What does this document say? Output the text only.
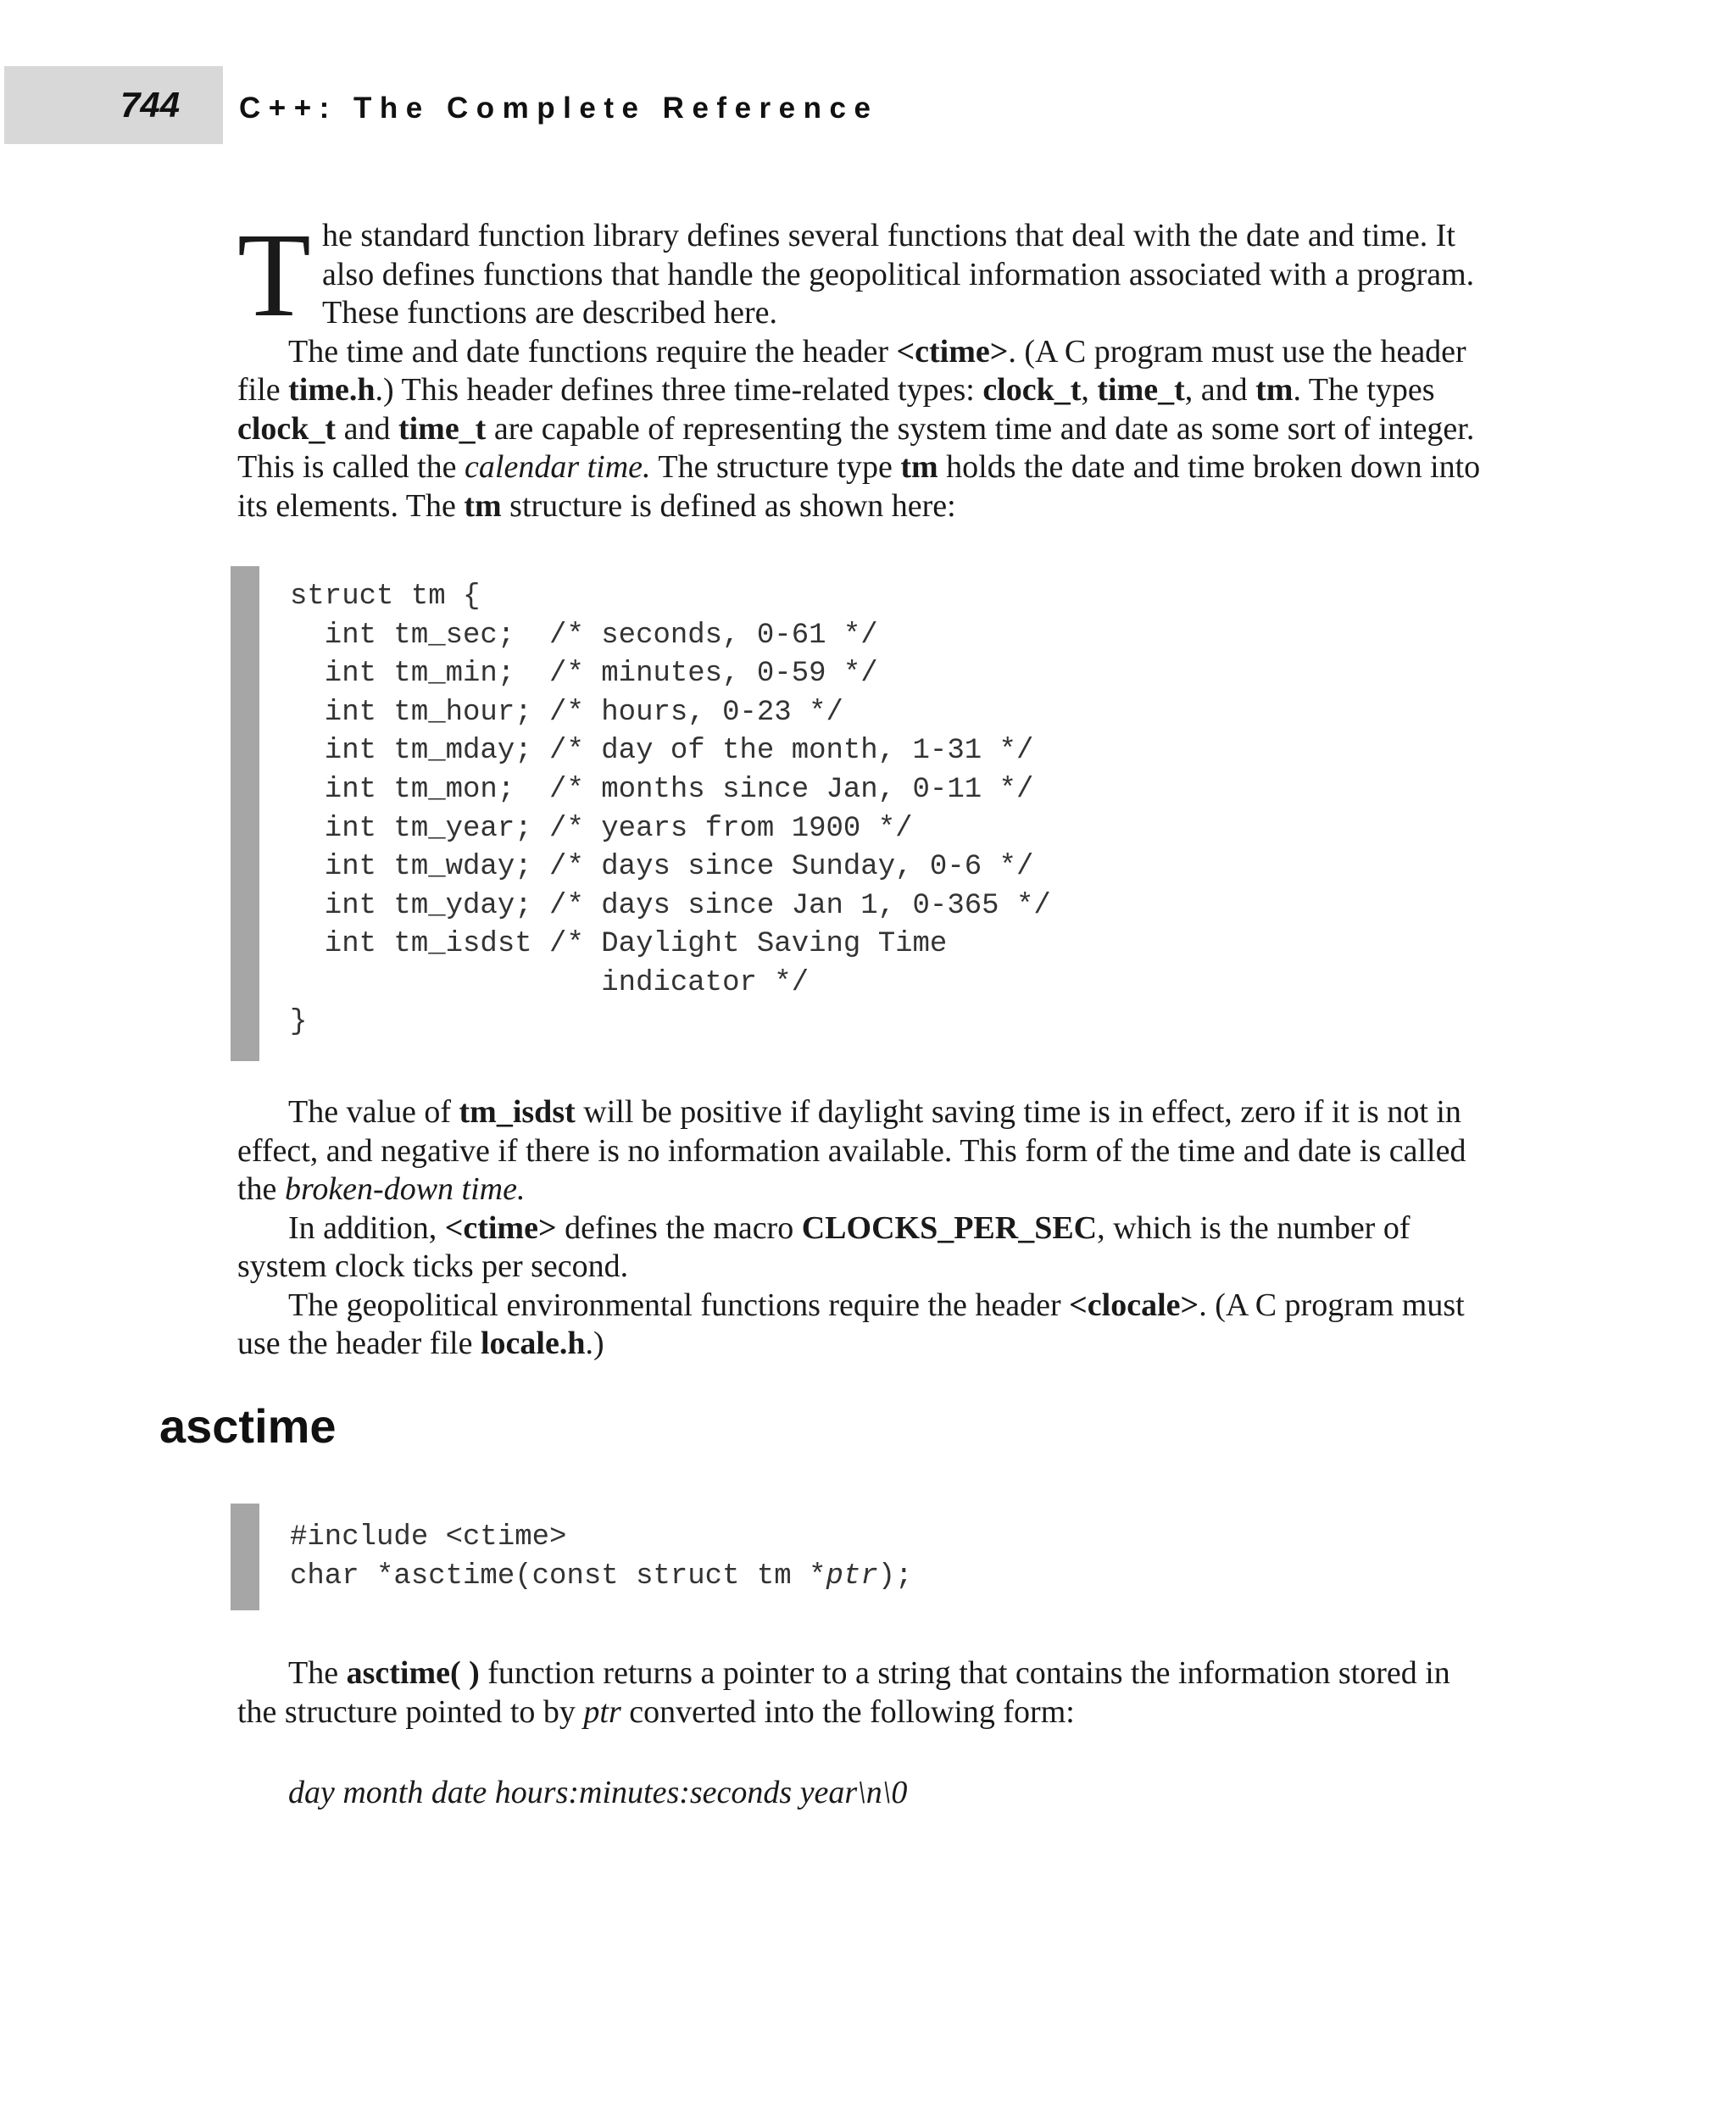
744 C++: The Complete Reference

T he standard function library defines several functions that deal with the date and time. It also defines functions that handle the geopolitical information associated with a program. These functions are described here.

The time and date functions require the header <ctime>. (A C program must use the header file time.h.) This header defines three time-related types: clock_t, time_t, and tm. The types clock_t and time_t are capable of representing the system time and date as some sort of integer. This is called the calendar time. The structure type tm holds the date and time broken down into its elements. The tm structure is defined as shown here:

struct tm {
int tm_sec;  /* seconds, 0-61 */
int tm_min;  /* minutes, 0-59 */
int tm_hour; /* hours, 0-23 */
int tm_mday; /* day of the month, 1-31 */
int tm_mon;  /* months since Jan, 0-11 */
int tm_year; /* years from 1900 */
int tm_wday; /* days since Sunday, 0-6 */
int tm_yday; /* days since Jan 1, 0-365 */
int tm_isdst /* Daylight Saving Time
indicator */
}

The value of tm_isdst will be positive if daylight saving time is in effect, zero if it is not in effect, and negative if there is no information available. This form of the time and date is called the broken-down time.

In addition, <ctime> defines the macro CLOCKS_PER_SEC, which is the number of system clock ticks per second.

The geopolitical environmental functions require the header <clocale>. (A C program must use the header file locale.h.)

asctime
#include <ctime>
char *asctime(const struct tm *ptr);

The asctime( ) function returns a pointer to a string that contains the information stored in the structure pointed to by ptr converted into the following form:

day month date hours:minutes:seconds year\n\0
